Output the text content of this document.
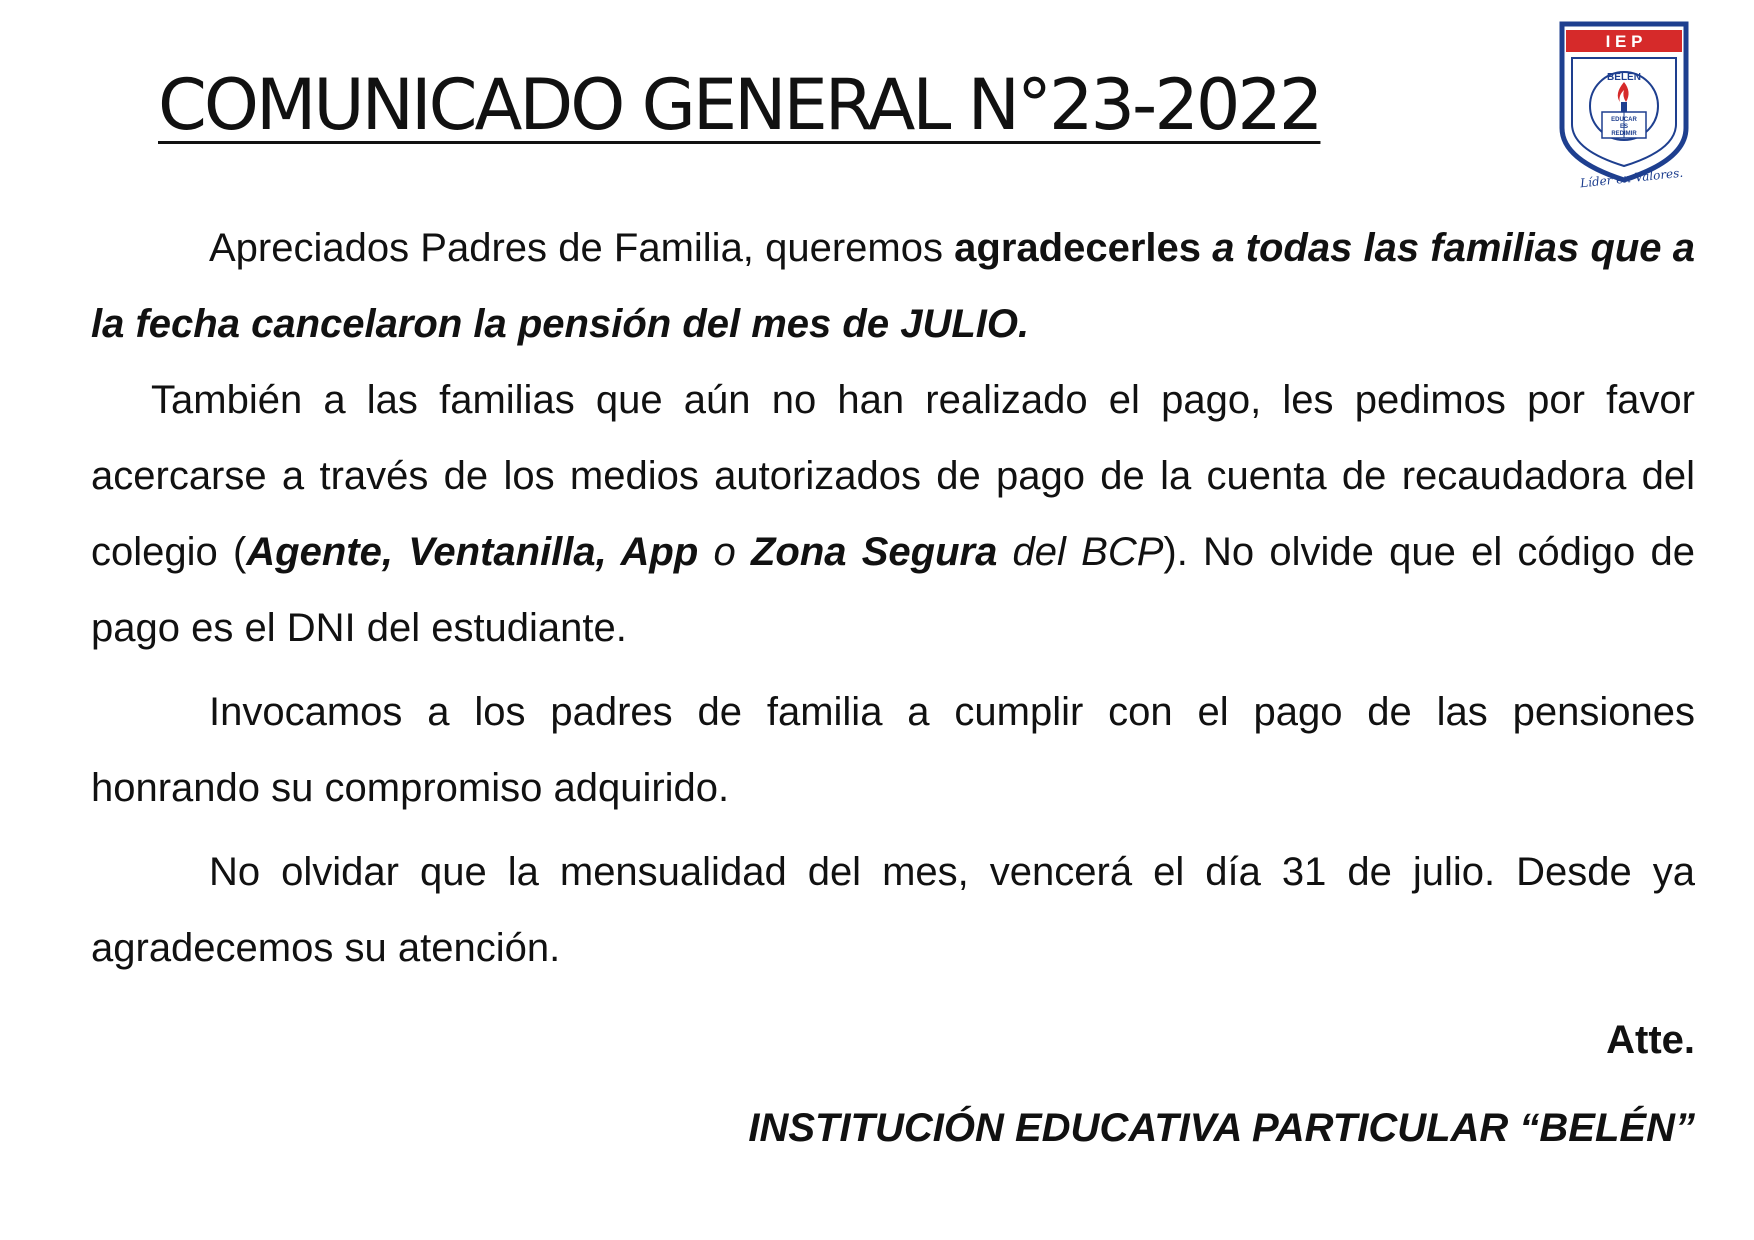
COMUNICADO GENERAL N°23-2022
I E P
BELEN
EDUCAR
ES
REDIMIR
Líder en Valores.

Apreciados Padres de Familia, queremos agradecerles a todas las familias que a la fecha cancelaron la pensión del mes de JULIO.

También a las familias que aún no han realizado el pago, les pedimos por favor acercarse a través de los medios autorizados de pago de la cuenta de recaudadora del colegio (Agente, Ventanilla, App o Zona Segura del BCP). No olvide que el código de pago es el DNI del estudiante.

Invocamos a los padres de familia a cumplir con el pago de las pensiones honrando su compromiso adquirido.

No olvidar que la mensualidad del mes, vencerá el día 31 de julio. Desde ya agradecemos su atención.

Atte.
INSTITUCIÓN EDUCATIVA PARTICULAR “BELÉN”
